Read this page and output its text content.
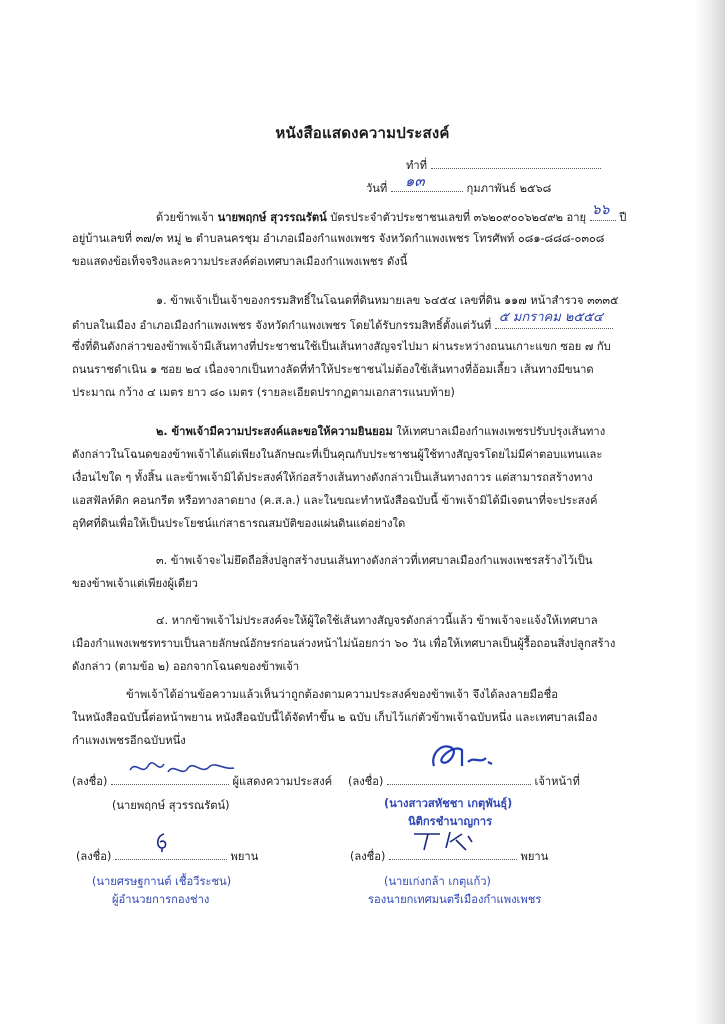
หนังสือแสดงความประสงค์
ทำที่
วันที่ ๑๓	กุมภาพันธ์ ๒๕๖๘
ด้วยข้าพเจ้า นายพฤกษ์ สุวรรณรัตน์ บัตรประจำตัวประชาชนเลขที่ ๓๖๒๐๙๐๐๖๒๔๙๒ อายุ ๖๖ ปี
อยู่บ้านเลขที่ ๓๗/๓ หมู่ ๒ ตำบลนครชุม อำเภอเมืองกำแพงเพชร จังหวัดกำแพงเพชร โทรศัพท์ ๐๘๑-๘๘๘-๐๓๐๘
ขอแสดงข้อเท็จจริงและความประสงค์ต่อเทศบาลเมืองกำแพงเพชร ดังนี้
๑. ข้าพเจ้าเป็นเจ้าของกรรมสิทธิ์ในโฉนดที่ดินหมายเลข ๖๔๕๔ เลขที่ดิน ๑๑๗ หน้าสำรวจ ๓๓๓๕
ตำบลในเมือง อำเภอเมืองกำแพงเพชร จังหวัดกำแพงเพชร โดยได้รับกรรมสิทธิ์ตั้งแต่วันที่
๕ มกราคม ๒๕๕๔
ซึ่งที่ดินดังกล่าวของข้าพเจ้ามีเส้นทางที่ประชาชนใช้เป็นเส้นทางสัญจรไปมา ผ่านระหว่างถนนเกาะแขก ซอย ๗ กับ
ถนนราชดำเนิน ๑ ซอย ๒๔ เนื่องจากเป็นทางลัดที่ทำให้ประชาชนไม่ต้องใช้เส้นทางที่อ้อมเลี้ยว เส้นทางมีขนาด
ประมาณ กว้าง ๔ เมตร ยาว ๘๐ เมตร (รายละเอียดปรากฏตามเอกสารแนบท้าย)
๒. ข้าพเจ้ามีความประสงค์และขอให้ความยินยอม ให้เทศบาลเมืองกำแพงเพชรปรับปรุงเส้นทาง
ดังกล่าวในโฉนดของข้าพเจ้าได้แต่เพียงในลักษณะที่เป็นคุณกับประชาชนผู้ใช้ทางสัญจรโดยไม่มีค่าตอบแทนและ
เงื่อนไขใด ๆ ทั้งสิ้น และข้าพเจ้ามิได้ประสงค์ให้ก่อสร้างเส้นทางดังกล่าวเป็นเส้นทางถาวร แต่สามารถสร้างทาง
แอสฟัลท์ติก คอนกรีต หรือทางลาดยาง (ค.ส.ล.) และในขณะทำหนังสือฉบับนี้ ข้าพเจ้ามิได้มีเจตนาที่จะประสงค์
อุทิศที่ดินเพื่อให้เป็นประโยชน์แก่สาธารณสมบัติของแผ่นดินแต่อย่างใด
๓. ข้าพเจ้าจะไม่ยึดถือสิ่งปลูกสร้างบนเส้นทางดังกล่าวที่เทศบาลเมืองกำแพงเพชรสร้างไว้เป็น
ของข้าพเจ้าแต่เพียงผู้เดียว
๔. หากข้าพเจ้าไม่ประสงค์จะให้ผู้ใดใช้เส้นทางสัญจรดังกล่าวนี้แล้ว ข้าพเจ้าจะแจ้งให้เทศบาล
เมืองกำแพงเพชรทราบเป็นลายลักษณ์อักษรก่อนล่วงหน้าไม่น้อยกว่า ๖๐ วัน เพื่อให้เทศบาลเป็นผู้รื้อถอนสิ่งปลูกสร้าง
ดังกล่าว (ตามข้อ ๒) ออกจากโฉนดของข้าพเจ้า
ข้าพเจ้าได้อ่านข้อความแล้วเห็นว่าถูกต้องตามความประสงค์ของข้าพเจ้า จึงได้ลงลายมือชื่อ
ในหนังสือฉบับนี้ต่อหน้าพยาน หนังสือฉบับนี้ได้จัดทำขึ้น ๒ ฉบับ เก็บไว้แก่ตัวข้าพเจ้าฉบับหนึ่ง และเทศบาลเมือง
กำแพงเพชรอีกฉบับหนึ่ง
(ลงชื่อ)	ผู้แสดงความประสงค์
(นายพฤกษ์ สุวรรณรัตน์)
(ลงชื่อ)	เจ้าหน้าที่
(นางสาวสหัชชา เกตุพันธุ์)
นิติกรชำนาญการ
(ลงชื่อ)	พยาน
(นายศรษฐกานต์ เชื้อวีระชน)
ผู้อำนวยการกองช่าง
(ลงชื่อ)	พยาน
(นายเก่งกล้า เกตุแก้ว)
รองนายกเทศมนตรีเมืองกำแพงเพชร
